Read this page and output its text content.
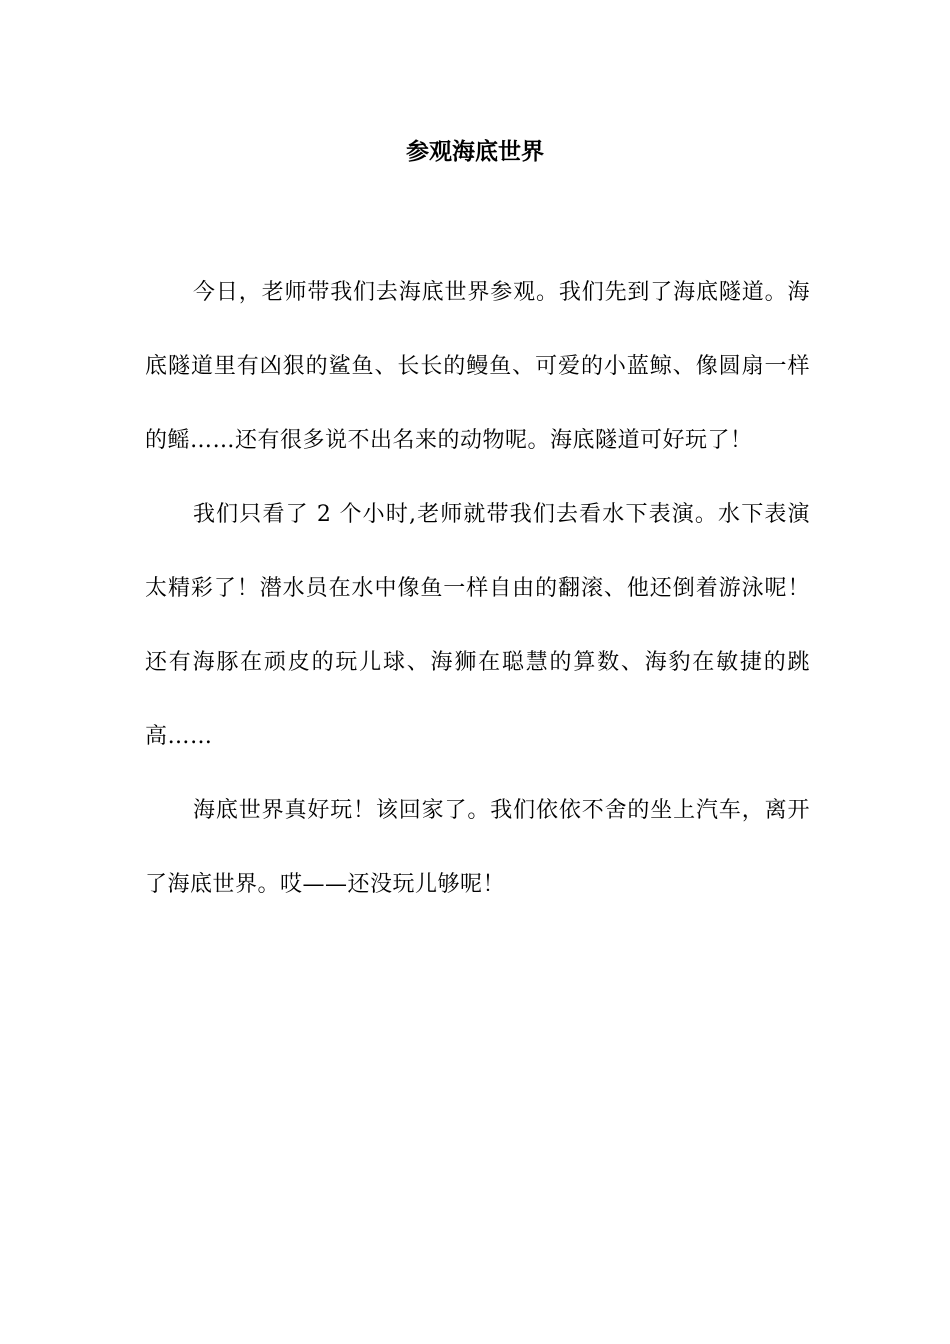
参观海底世界

今日，老师带我们去海底世界参观。我们先到了海底隧道。海底隧道里有凶狠的鲨鱼、长长的鳗鱼、可爱的小蓝鲸、像圆扇一样的鳐……还有很多说不出名来的动物呢。海底隧道可好玩了！

我们只看了 2 个小时,老师就带我们去看水下表演。水下表演太精彩了！潜水员在水中像鱼一样自由的翻滚、他还倒着游泳呢！还有海豚在顽皮的玩儿球、海狮在聪慧的算数、海豹在敏捷的跳高……

海底世界真好玩！该回家了。我们依依不舍的坐上汽车，离开了海底世界。哎——还没玩儿够呢！
